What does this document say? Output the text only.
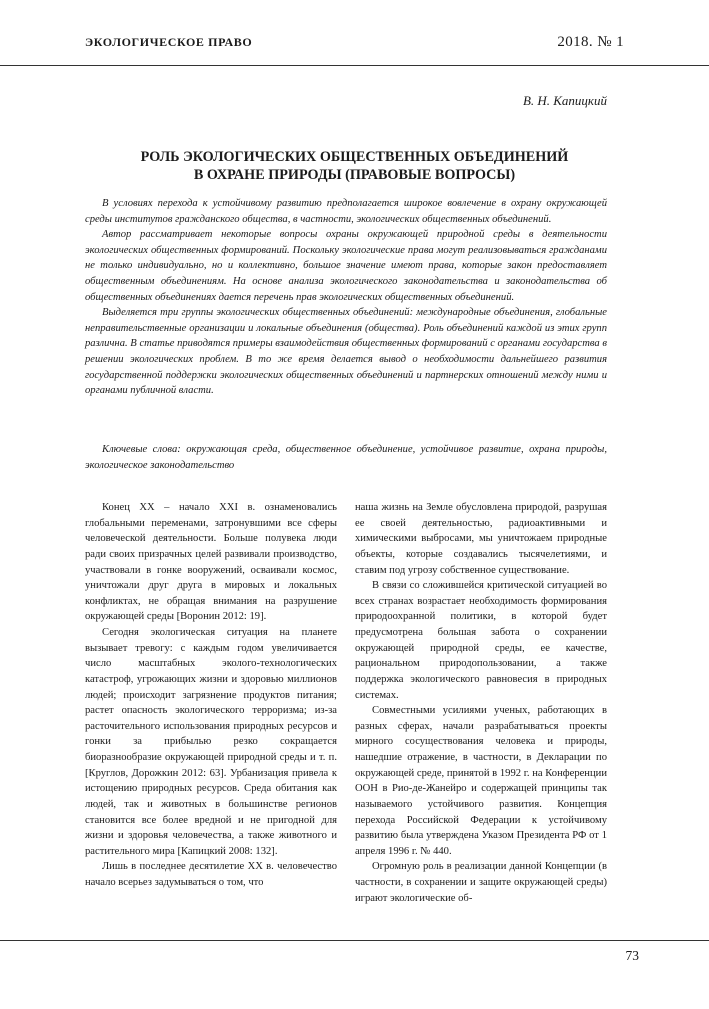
ЭКОЛОГИЧЕСКОЕ ПРАВО	2018. № 1
В. Н. Капицкий
РОЛЬ ЭКОЛОГИЧЕСКИХ ОБЩЕСТВЕННЫХ ОБЪЕДИНЕНИЙ
В ОХРАНЕ ПРИРОДЫ (ПРАВОВЫЕ ВОПРОСЫ)

В условиях перехода к устойчивому развитию предполагается широкое вовлечение в охрану окружающей среды институтов гражданского общества, в частности, экологических общественных объединений.

Автор рассматривает некоторые вопросы охраны окружающей природной среды в деятельности экологических общественных формирований. Поскольку экологические права могут реализовываться гражданами не только индивидуально, но и коллективно, большое значение имеют права, которые закон предоставляет общественным объединениям. На основе анализа экологического законодательства и законодательства об общественных объединениях дается перечень прав экологических общественных объединений.

Выделяется три группы экологических общественных объединений: международные объединения, глобальные неправительственные организации и локальные объединения (общества). Роль объединений каждой из этих групп различна. В статье приводятся примеры взаимодействия общественных формирований с органами государства в решении экологических проблем. В то же время делается вывод о необходимости дальнейшего развития государственной поддержки экологических общественных объединений и партнерских отношений между ними и органами публичной власти.

Ключевые слова: окружающая среда, общественное объединение, устойчивое развитие, охрана природы, экологическое законодательство

Конец XX – начало XXI в. ознаменовались глобальными переменами, затронувшими все сферы человеческой деятельности. Больше полувека люди ради своих призрачных целей развивали производство, участвовали в гонке вооружений, осваивали космос, уничтожали друг друга в мировых и локальных конфликтах, не обращая внимания на разрушение окружающей среды [Воронин 2012: 19].

Сегодня экологическая ситуация на планете вызывает тревогу: с каждым годом увеличивается число масштабных эколого-технологических катастроф, угрожающих жизни и здоровью миллионов людей; происходит загрязнение продуктов питания; растет опасность экологического терроризма; из-за расточительного использования природных ресурсов и гонки за прибылью резко сокращается биоразнообразие окружающей природной среды и т. п. [Круглов, Дорожкин 2012: 63]. Урбанизация привела к истощению природных ресурсов. Среда обитания как людей, так и животных в большинстве регионов становится все более вредной и не пригодной для жизни и здоровья человечества, а также животного и растительного мира [Капицкий 2008: 132].

Лишь в последнее десятилетие XX в. человечество начало всерьез задумываться о том, что

наша жизнь на Земле обусловлена природой, разрушая ее своей деятельностью, радиоактивными и химическими выбросами, мы уничтожаем природные объекты, которые создавались тысячелетиями, и ставим под угрозу собственное существование.

В связи со сложившейся критической ситуацией во всех странах возрастает необходимость формирования природоохранной политики, в которой будет предусмотрена большая забота о сохранении окружающей природной среды, ее качестве, рациональном природопользовании, а также поддержка экологического равновесия в природных системах.

Совместными усилиями ученых, работающих в разных сферах, начали разрабатываться проекты мирного сосуществования человека и природы, нашедшие отражение, в частности, в Декларации по окружающей среде, принятой в 1992 г. на Конференции ООН в Рио-де-Жанейро и содержащей принципы так называемого устойчивого развития. Концепция перехода Российской Федерации к устойчивому развитию была утверждена Указом Президента РФ от 1 апреля 1996 г. № 440.

Огромную роль в реализации данной Концепции (в частности, в сохранении и защите окружающей среды) играют экологические об-

73
